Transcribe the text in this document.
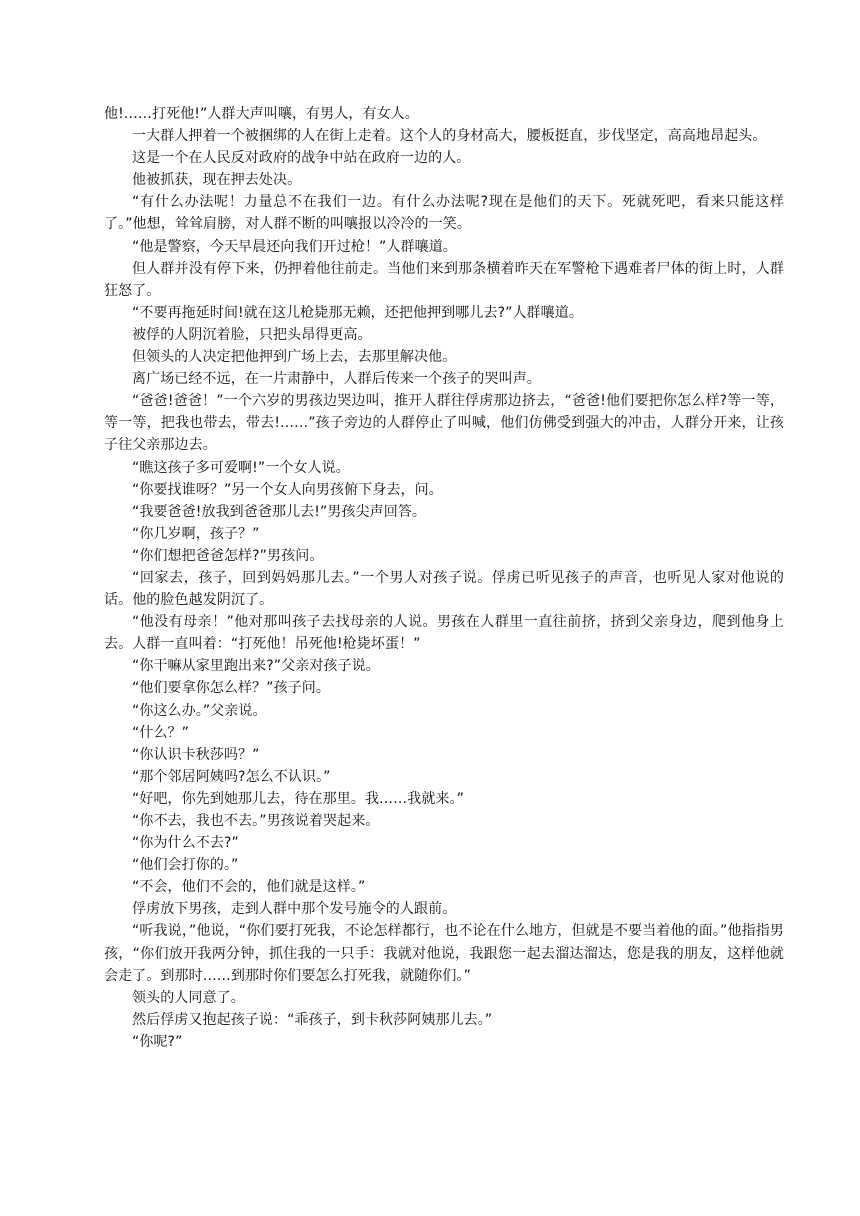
他!……打死他!”人群大声叫嚷，有男人，有女人。

一大群人押着一个被捆绑的人在街上走着。这个人的身材高大，腰板挺直，步伐坚定，高高地昂起头。

这是一个在人民反对政府的战争中站在政府一边的人。

他被抓获，现在押去处决。

“有什么办法呢！力量总不在我们一边。有什么办法呢?现在是他们的天下。死就死吧，看来只能这样了。”他想，耸耸肩膀，对人群不断的叫嚷报以冷冷的一笑。

“他是警察，今天早晨还向我们开过枪！”人群嚷道。

但人群并没有停下来，仍押着他往前走。当他们来到那条横着昨天在军警枪下遇难者尸体的街上时，人群狂怒了。

“不要再拖延时间!就在这儿枪毙那无赖，还把他押到哪儿去?”人群嚷道。

被俘的人阴沉着脸，只把头昂得更高。

但领头的人决定把他押到广场上去，去那里解决他。

离广场已经不远，在一片肃静中，人群后传来一个孩子的哭叫声。

“爸爸!爸爸！”一个六岁的男孩边哭边叫，推开人群往俘虏那边挤去，“爸爸!他们要把你怎么样?等一等，等一等，把我也带去，带去!……”孩子旁边的人群停止了叫喊，他们仿佛受到强大的冲击，人群分开来，让孩子往父亲那边去。

“瞧这孩子多可爱啊!”一个女人说。

“你要找谁呀？”另一个女人向男孩俯下身去，问。

“我要爸爸!放我到爸爸那儿去!”男孩尖声回答。

“你几岁啊，孩子？”

“你们想把爸爸怎样?”男孩问。

“回家去，孩子，回到妈妈那儿去。”一个男人对孩子说。俘虏已听见孩子的声音，也听见人家对他说的话。他的脸色越发阴沉了。

“他没有母亲！”他对那叫孩子去找母亲的人说。男孩在人群里一直往前挤，挤到父亲身边，爬到他身上去。人群一直叫着：“打死他！吊死他!枪毙坏蛋！”

“你干嘛从家里跑出来?”父亲对孩子说。

“他们要拿你怎么样？”孩子问。

“你这么办。”父亲说。

“什么？”

“你认识卡秋莎吗？”

“那个邻居阿姨吗?怎么不认识。”

“好吧，你先到她那儿去，待在那里。我……我就来。”

“你不去，我也不去。”男孩说着哭起来。

“你为什么不去?”

“他们会打你的。”

“不会，他们不会的，他们就是这样。”

俘虏放下男孩，走到人群中那个发号施令的人跟前。

“听我说，”他说，“你们要打死我，不论怎样都行，也不论在什么地方，但就是不要当着他的面。”他指指男孩，“你们放开我两分钟，抓住我的一只手：我就对他说，我跟您一起去溜达溜达，您是我的朋友，这样他就会走了。到那时……到那时你们要怎么打死我，就随你们。”

领头的人同意了。

然后俘虏又抱起孩子说：“乖孩子，到卡秋莎阿姨那儿去。”

“你呢?”
